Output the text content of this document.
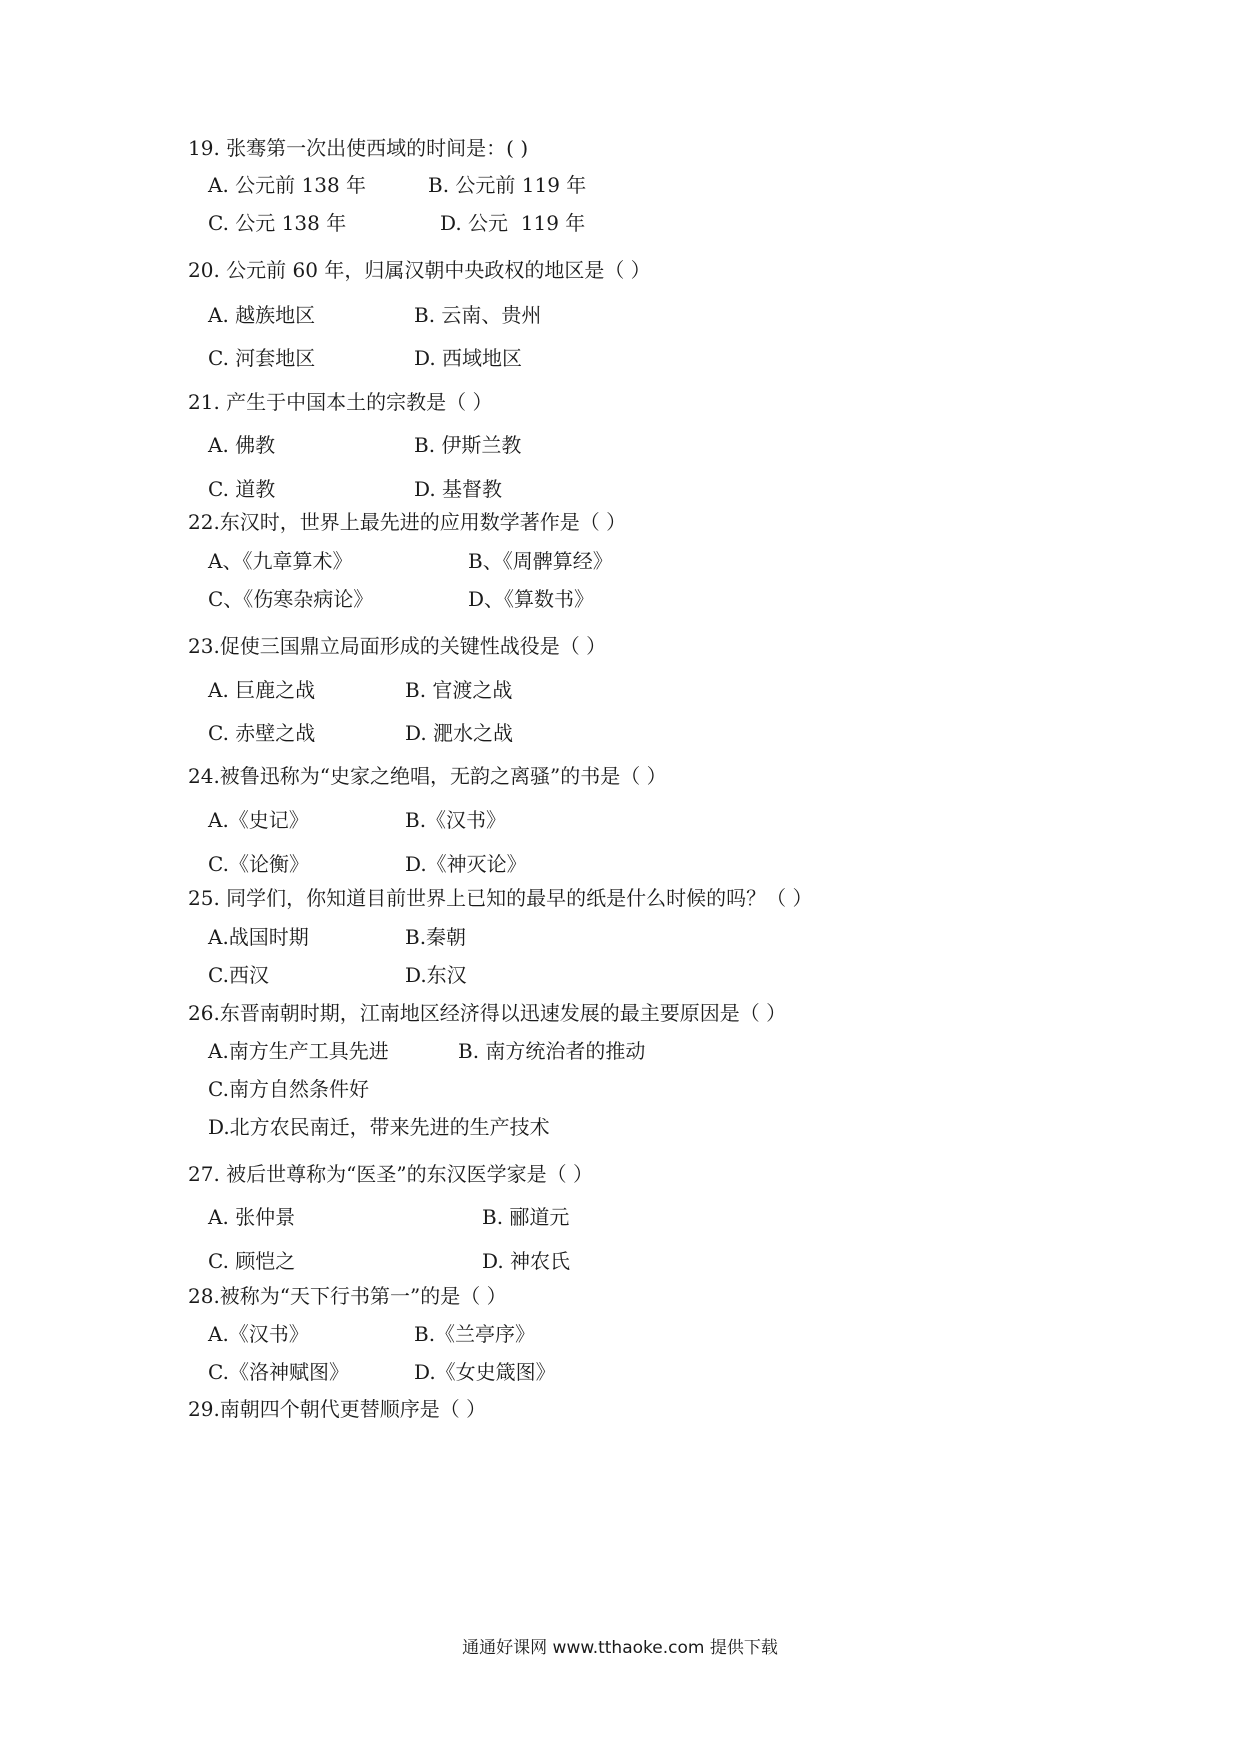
19. 张骞第一次出使西域的时间是：( )
A. 公元前 138 年	B. 公元前 119 年
C. 公元 138 年	D. 公元  119 年
20. 公元前 60 年，归属汉朝中央政权的地区是（ ）
A. 越族地区	B. 云南、贵州
C. 河套地区	D. 西域地区
21. 产生于中国本土的宗教是（ ）
A. 佛教	B. 伊斯兰教
C. 道教	D. 基督教
22.东汉时，世界上最先进的应用数学著作是（ ）
A、《九章算术》	B、《周髀算经》
C、《伤寒杂病论》	D、《算数书》
23.促使三国鼎立局面形成的关键性战役是（ ）
A. 巨鹿之战	B. 官渡之战
C. 赤壁之战	D. 淝水之战
24.被鲁迅称为“史家之绝唱，无韵之离骚”的书是（ ）
A.《史记》	B.《汉书》
C.《论衡》	D.《神灭论》
25. 同学们，你知道目前世界上已知的最早的纸是什么时候的吗？（ ）
A.战国时期	B.秦朝
C.西汉	D.东汉
26.东晋南朝时期，江南地区经济得以迅速发展的最主要原因是（ ）
A.南方生产工具先进	B. 南方统治者的推动
C.南方自然条件好
D.北方农民南迁，带来先进的生产技术
27. 被后世尊称为“医圣”的东汉医学家是（ ）
A. 张仲景	B. 郦道元
C. 顾恺之	D. 神农氏
28.被称为“天下行书第一”的是（ ）
A.《汉书》	B.《兰亭序》
C.《洛神赋图》	D.《女史箴图》
29.南朝四个朝代更替顺序是（ ）
通通好课网 www.tthaoke.com 提供下载
